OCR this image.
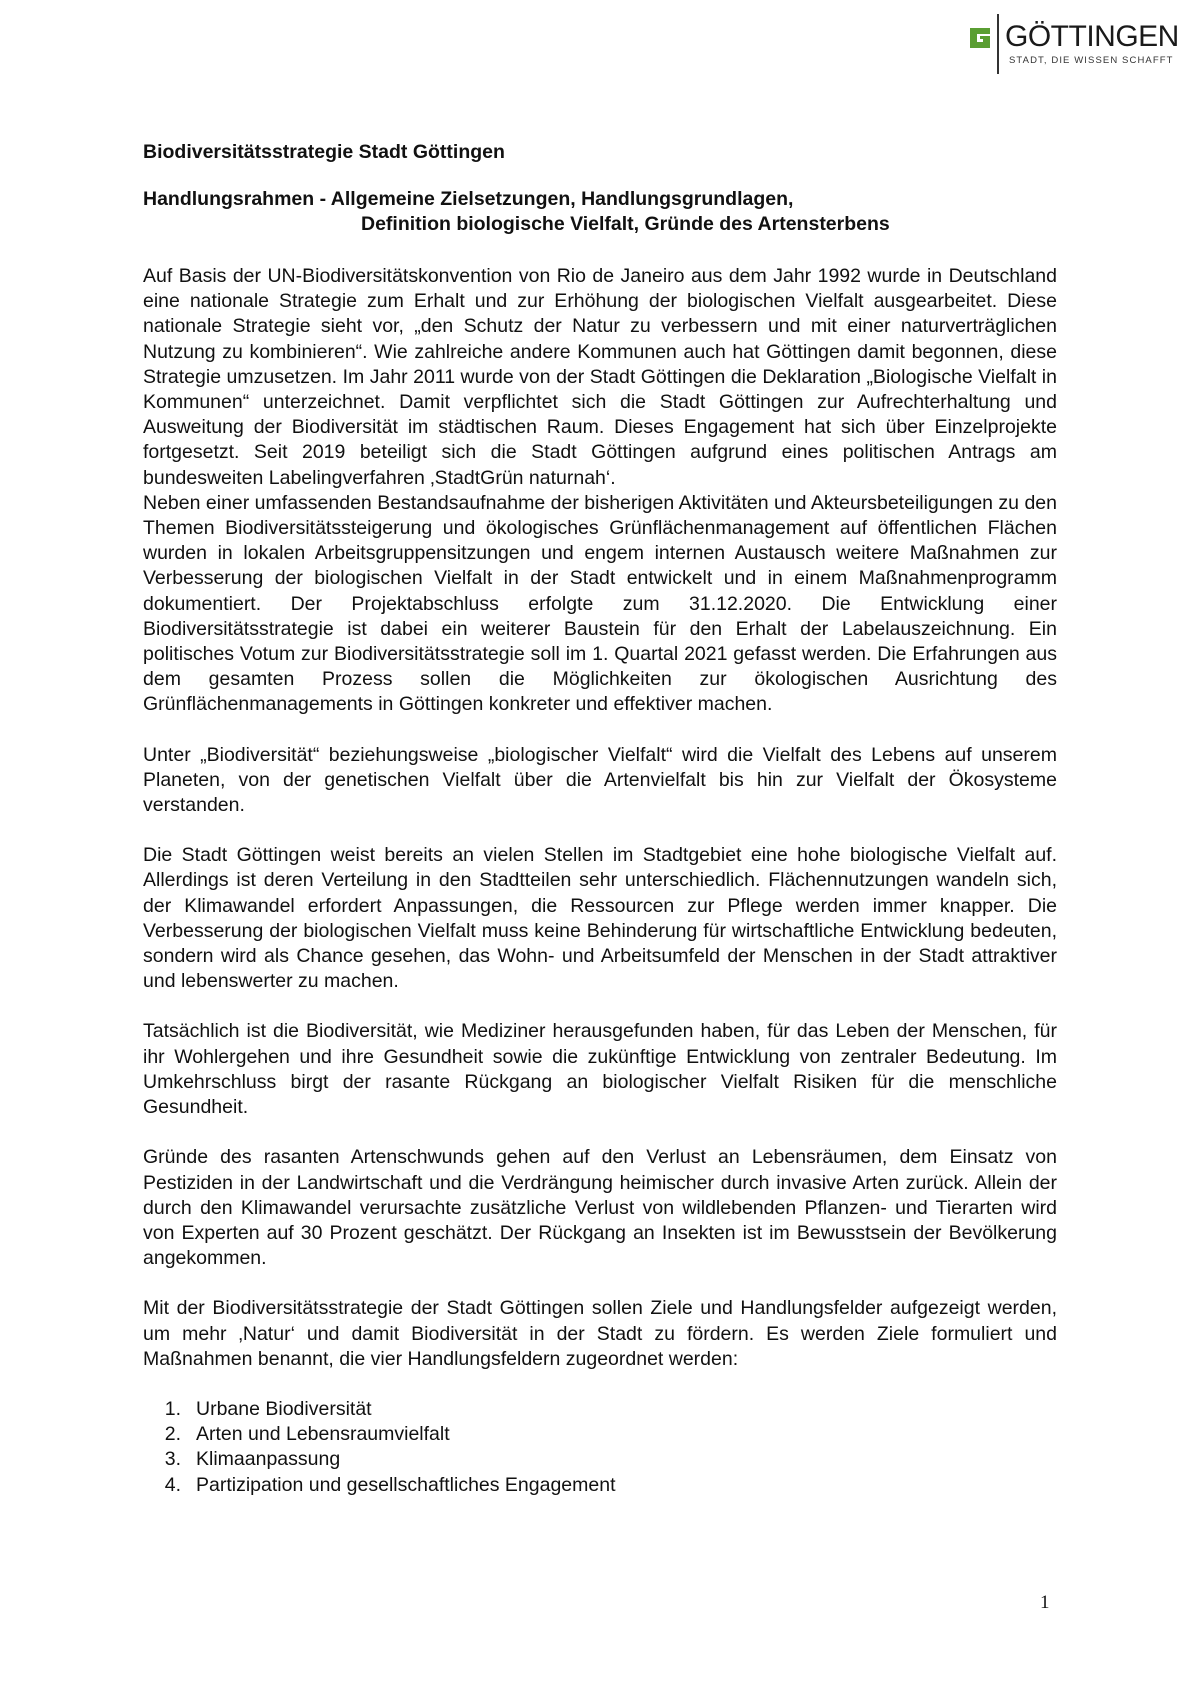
GÖTTINGEN
STADT, DIE WISSEN SCHAFFT
Biodiversitätsstrategie Stadt Göttingen
Handlungsrahmen - Allgemeine Zielsetzungen, Handlungsgrundlagen,
Definition biologische Vielfalt, Gründe des Artensterbens

Auf Basis der UN-Biodiversitätskonvention von Rio de Janeiro aus dem Jahr 1992 wurde in Deutschland eine nationale Strategie zum Erhalt und zur Erhöhung der biologischen Vielfalt ausgearbeitet. Diese nationale Strategie sieht vor, „den Schutz der Natur zu verbessern und mit einer naturverträglichen Nutzung zu kombinieren“. Wie zahlreiche andere Kommunen auch hat Göttingen damit begonnen, diese Strategie umzusetzen. Im Jahr 2011 wurde von der Stadt Göttingen die Deklaration „Biologische Vielfalt in Kommunen“ unterzeichnet. Damit verpflichtet sich die Stadt Göttingen zur Aufrechterhaltung und Ausweitung der Biodiversität im städtischen Raum. Dieses Engagement hat sich über Einzelprojekte fortgesetzt. Seit 2019 beteiligt sich die Stadt Göttingen aufgrund eines politischen Antrags am bundesweiten Labelingverfahren ‚StadtGrün naturnah‘.

Neben einer umfassenden Bestandsaufnahme der bisherigen Aktivitäten und Akteursbeteiligungen zu den Themen Biodiversitätssteigerung und ökologisches Grünflächenmanagement auf öffentlichen Flächen wurden in lokalen Arbeitsgruppensitzungen und engem internen Austausch weitere Maßnahmen zur Verbesserung der biologischen Vielfalt in der Stadt entwickelt und in einem Maßnahmenprogramm dokumentiert. Der Projektabschluss erfolgte zum 31.12.2020. Die Entwicklung einer Biodiversitätsstrategie ist dabei ein weiterer Baustein für den Erhalt der Labelauszeichnung. Ein politisches Votum zur Biodiversitätsstrategie soll im 1. Quartal 2021 gefasst werden. Die Erfahrungen aus dem gesamten Prozess sollen die Möglichkeiten zur ökologischen Ausrichtung des Grünflächenmanagements in Göttingen konkreter und effektiver machen.

Unter „Biodiversität“ beziehungsweise „biologischer Vielfalt“ wird die Vielfalt des Lebens auf unserem Planeten, von der genetischen Vielfalt über die Artenvielfalt bis hin zur Vielfalt der Ökosysteme verstanden.

Die Stadt Göttingen weist bereits an vielen Stellen im Stadtgebiet eine hohe biologische Vielfalt auf. Allerdings ist deren Verteilung in den Stadtteilen sehr unterschiedlich. Flächennutzungen wandeln sich, der Klimawandel erfordert Anpassungen, die Ressourcen zur Pflege werden immer knapper. Die Verbesserung der biologischen Vielfalt muss keine Behinderung für wirtschaftliche Entwicklung bedeuten, sondern wird als Chance gesehen, das Wohn- und Arbeitsumfeld der Menschen in der Stadt attraktiver und lebenswerter zu machen.

Tatsächlich ist die Biodiversität, wie Mediziner herausgefunden haben, für das Leben der Menschen, für ihr Wohlergehen und ihre Gesundheit sowie die zukünftige Entwicklung von zentraler Bedeutung. Im Umkehrschluss birgt der rasante Rückgang an biologischer Vielfalt Risiken für die menschliche Gesundheit.

Gründe des rasanten Artenschwunds gehen auf den Verlust an Lebensräumen, dem Einsatz von Pestiziden in der Landwirtschaft und die Verdrängung heimischer durch invasive Arten zurück. Allein der durch den Klimawandel verursachte zusätzliche Verlust von wildlebenden Pflanzen- und Tierarten wird von Experten auf 30 Prozent geschätzt. Der Rückgang an Insekten ist im Bewusstsein der Bevölkerung angekommen.

Mit der Biodiversitätsstrategie der Stadt Göttingen sollen Ziele und Handlungsfelder aufgezeigt werden, um mehr ‚Natur‘ und damit Biodiversität in der Stadt zu fördern. Es werden Ziele formuliert und Maßnahmen benannt, die vier Handlungsfeldern zugeordnet werden:

1. Urbane Biodiversität
2. Arten und Lebensraumvielfalt
3. Klimaanpassung
4. Partizipation und gesellschaftliches Engagement
1
